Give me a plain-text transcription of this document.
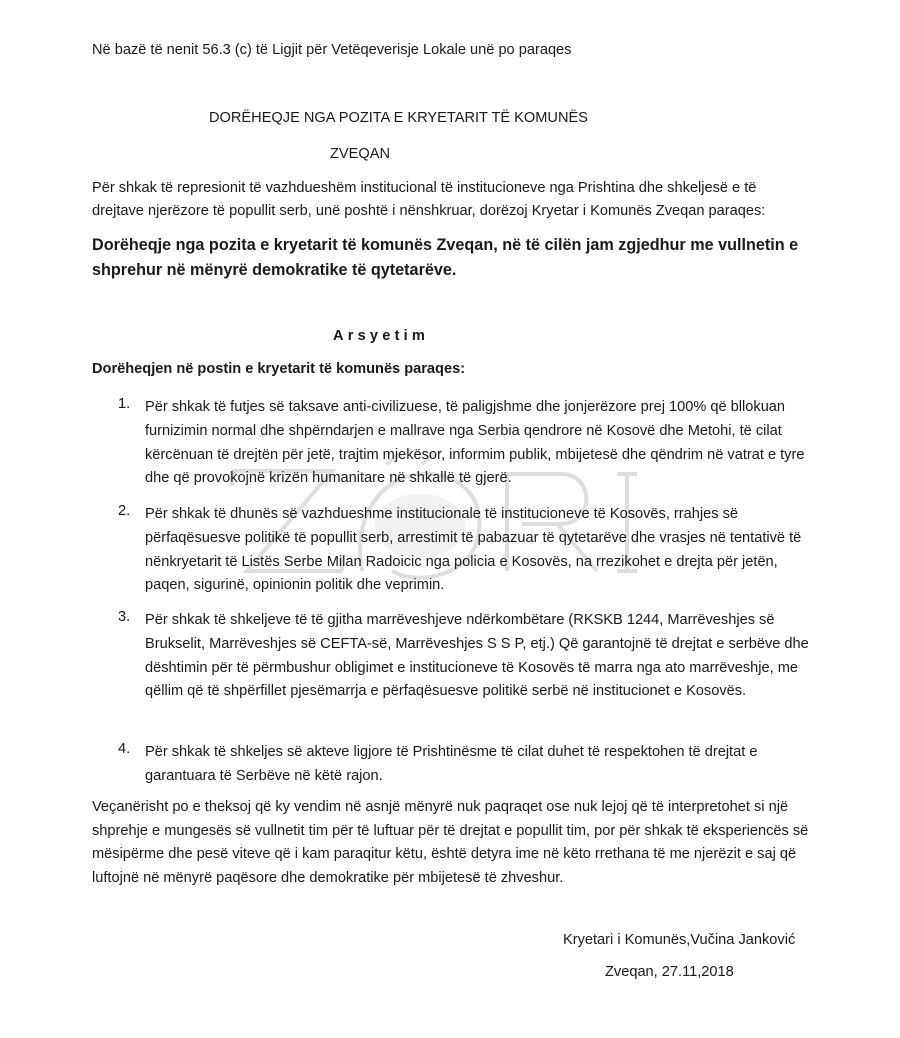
Në bazë të nenit 56.3 (c) të Ligjit për Vetëqeverisje Lokale unë po paraqes
DORËHEQJE NGA POZITA E KRYETARIT TË KOMUNËS
ZVEQAN
Për shkak të represionit të vazhdueshëm institucional të institucioneve nga Prishtina dhe shkeljesë e të drejtave njerëzore të popullit serb, unë poshtë i nënshkruar, dorëzoj Kryetar i Komunës Zveqan paraqes:
Dorëheqje nga pozita e kryetarit të komunës Zveqan, në të cilën jam zgjedhur me vullnetin e shprehur në mënyrë demokratike të qytetarëve.
Arsyetim
Dorëheqjen në postin e kryetarit të komunës paraqes:
1.	Për shkak të futjes së taksave anti-civilizuese, të paligjshme dhe jonjerëzore prej 100% që bllokuan furnizimin normal dhe shpërndarjen e mallrave nga Serbia qendrore në Kosovë dhe Metohi, të cilat kërcënuan të drejtën për jetë, trajtim mjekësor, informim publik, mbijetesë dhe qëndrim në vatrat e tyre dhe që provokojnë krizën humanitare në shkallë të gjerë.
2.	Për shkak të dhunës së vazhdueshme institucionale të institucioneve të Kosovës, rrahjes së përfaqësuesve politikë të popullit serb, arrestimit të pabazuar të qytetarëve dhe vrasjes në tentativë të nënkryetarit të Listës Serbe Milan Radoicic nga policia e Kosovës, na rrezikohet e drejta për jetën, paqen, sigurinë, opinionin politik dhe veprimin.
3.	Për shkak të shkeljeve të të gjitha marrëveshjeve ndërkombëtare (RKSKB 1244, Marrëveshjes së Brukselit, Marrëveshjes së CEFTA-së, Marrëveshjes S S P, etj.) Që garantojnë të drejtat e serbëve dhe dështimin për të përmbushur obligimet e institucioneve të Kosovës të marra nga ato marrëveshje, me qëllim që të shpërfillet pjesëmarrja e përfaqësuesve politikë serbë në institucionet e Kosovës.
4.	Për shkak të shkeljes së akteve ligjore të Prishtinësme të cilat duhet të respektohen të drejtat e garantuara të Serbëve në këtë rajon.
Veçanërisht po e theksoj që ky vendim në asnjë mënyrë nuk paqraqet ose nuk lejoj që të interpretohet si një shprehje e mungesës së vullnetit tim për të luftuar për të drejtat e popullit tim, por për shkak të eksperiencës së mësipërme dhe pesë viteve që i kam paraqitur këtu, është detyra ime në këto rrethana të me njerëzit e saj që luftojnë në mënyrë paqësore dhe demokratike për mbijetesë të zhveshur.
Kryetari i Komunës,Vučina Janković
Zveqan, 27.11,2018
